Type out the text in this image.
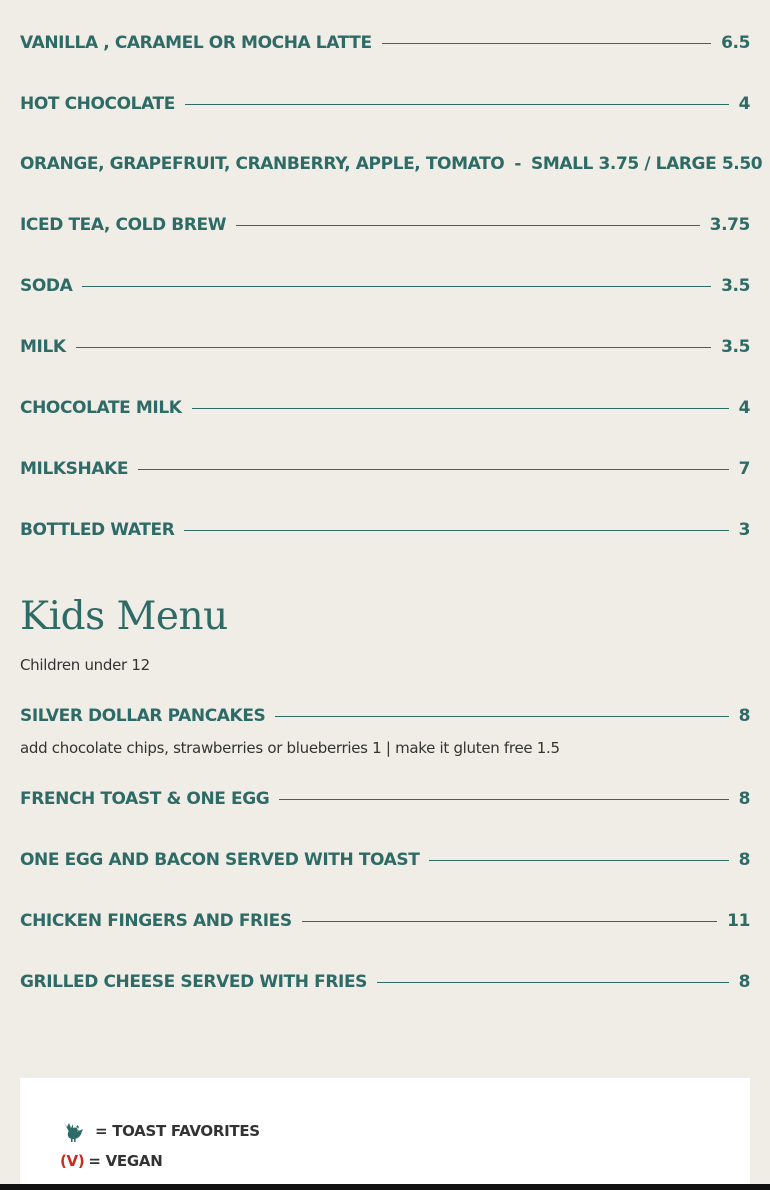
VANILLA , CARAMEL OR MOCHA LATTE	6.5
HOT CHOCOLATE	4
ORANGE, GRAPEFRUIT, CRANBERRY, APPLE, TOMATO - SMALL 3.75 / LARGE 5.50
ICED TEA, COLD BREW	3.75
SODA	3.5
MILK	3.5
CHOCOLATE MILK	4
MILKSHAKE	7
BOTTLED WATER	3
Kids Menu
Children under 12
SILVER DOLLAR PANCAKES	8
add chocolate chips, strawberries or blueberries 1 | make it gluten free 1.5
FRENCH TOAST & ONE EGG	8
ONE EGG AND BACON SERVED WITH TOAST	8
CHICKEN FINGERS AND FRIES	11
GRILLED CHEESE SERVED WITH FRIES	8
= TOAST FAVORITES
(V) = VEGAN
